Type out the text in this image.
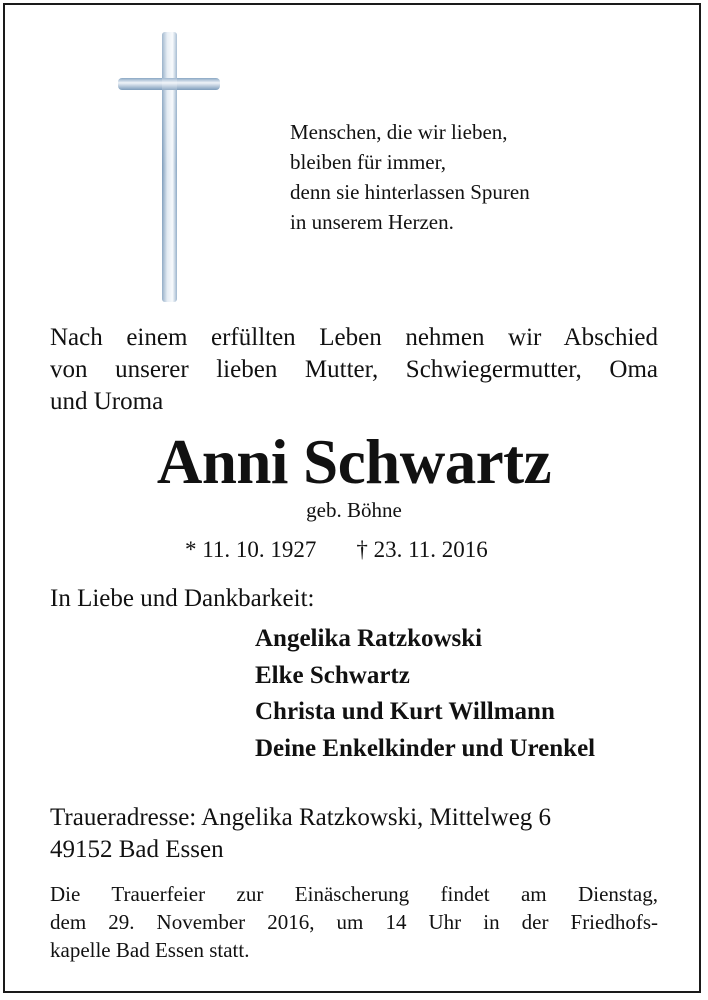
Menschen, die wir lieben,
bleiben für immer,
denn sie hinterlassen Spuren
in unserem Herzen.
Nach einem erfüllten Leben nehmen wir Abschied
von unserer lieben Mutter, Schwiegermutter, Oma
und Uroma
Anni Schwartz
geb. Böhne
* 11. 10. 1927 † 23. 11. 2016
In Liebe und Dankbarkeit:
Angelika Ratzkowski
Elke Schwartz
Christa und Kurt Willmann
Deine Enkelkinder und Urenkel
Traueradresse: Angelika Ratzkowski, Mittelweg 6
49152 Bad Essen
Die Trauerfeier zur Einäscherung findet am Dienstag,
dem 29. November 2016, um 14 Uhr in der Friedhofs-
kapelle Bad Essen statt.
